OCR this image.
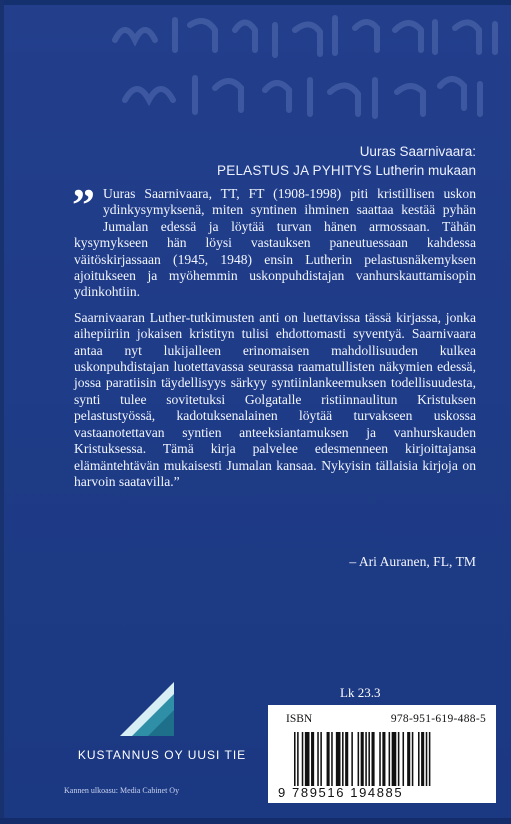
Uuras Saarnivaara:
PELASTUS JA PYHITYS Lutherin mukaan

” Uuras Saarnivaara, TT, FT (1908-1998) piti kristillisen uskon ydinkysymyksenä, miten syntinen ihminen saattaa kestää pyhän Jumalan edessä ja löytää turvan hänen armossaan. Tähän kysymykseen hän löysi vastauksen paneutuessaan kahdessa väitöskirjassaan (1945, 1948) ensin Lutherin pelastusnäkemyksen ajoitukseen ja myöhemmin uskonpuhdistajan vanhurskauttamisopin ydinkohtiin.

Saarnivaaran Luther-tutkimusten anti on luettavissa tässä kirjassa, jonka aihepiiriin jokaisen kristityn tulisi ehdottomasti syventyä. Saarnivaara antaa nyt lukijalleen erinomaisen mahdollisuuden kulkea uskonpuhdistajan luotettavassa seurassa raamatullisten näkymien edessä, jossa paratiisin täydellisyys särkyy syntiinlankeemuksen todellisuudesta, synti tulee sovitetuksi Golgatalle ristiinnaulitun Kristuksen pelastustyössä, kadotuksenalainen löytää turvakseen uskossa vastaanotettavan syntien anteeksiantamuksen ja vanhurskauden Kristuksessa. Tämä kirja palvelee edesmenneen kirjoittajansa elämäntehtävän mukaisesti Jumalan kansaa. Nykyisin tällaisia kirjoja on harvoin saatavilla.”

– Ari Auranen, FL, TM
KUSTANNUS OY UUSI TIE
Kannen ulkoasu: Media Cabinet Oy
Lk 23.3
ISBN	978-951-619-488-5
9 789516 194885
